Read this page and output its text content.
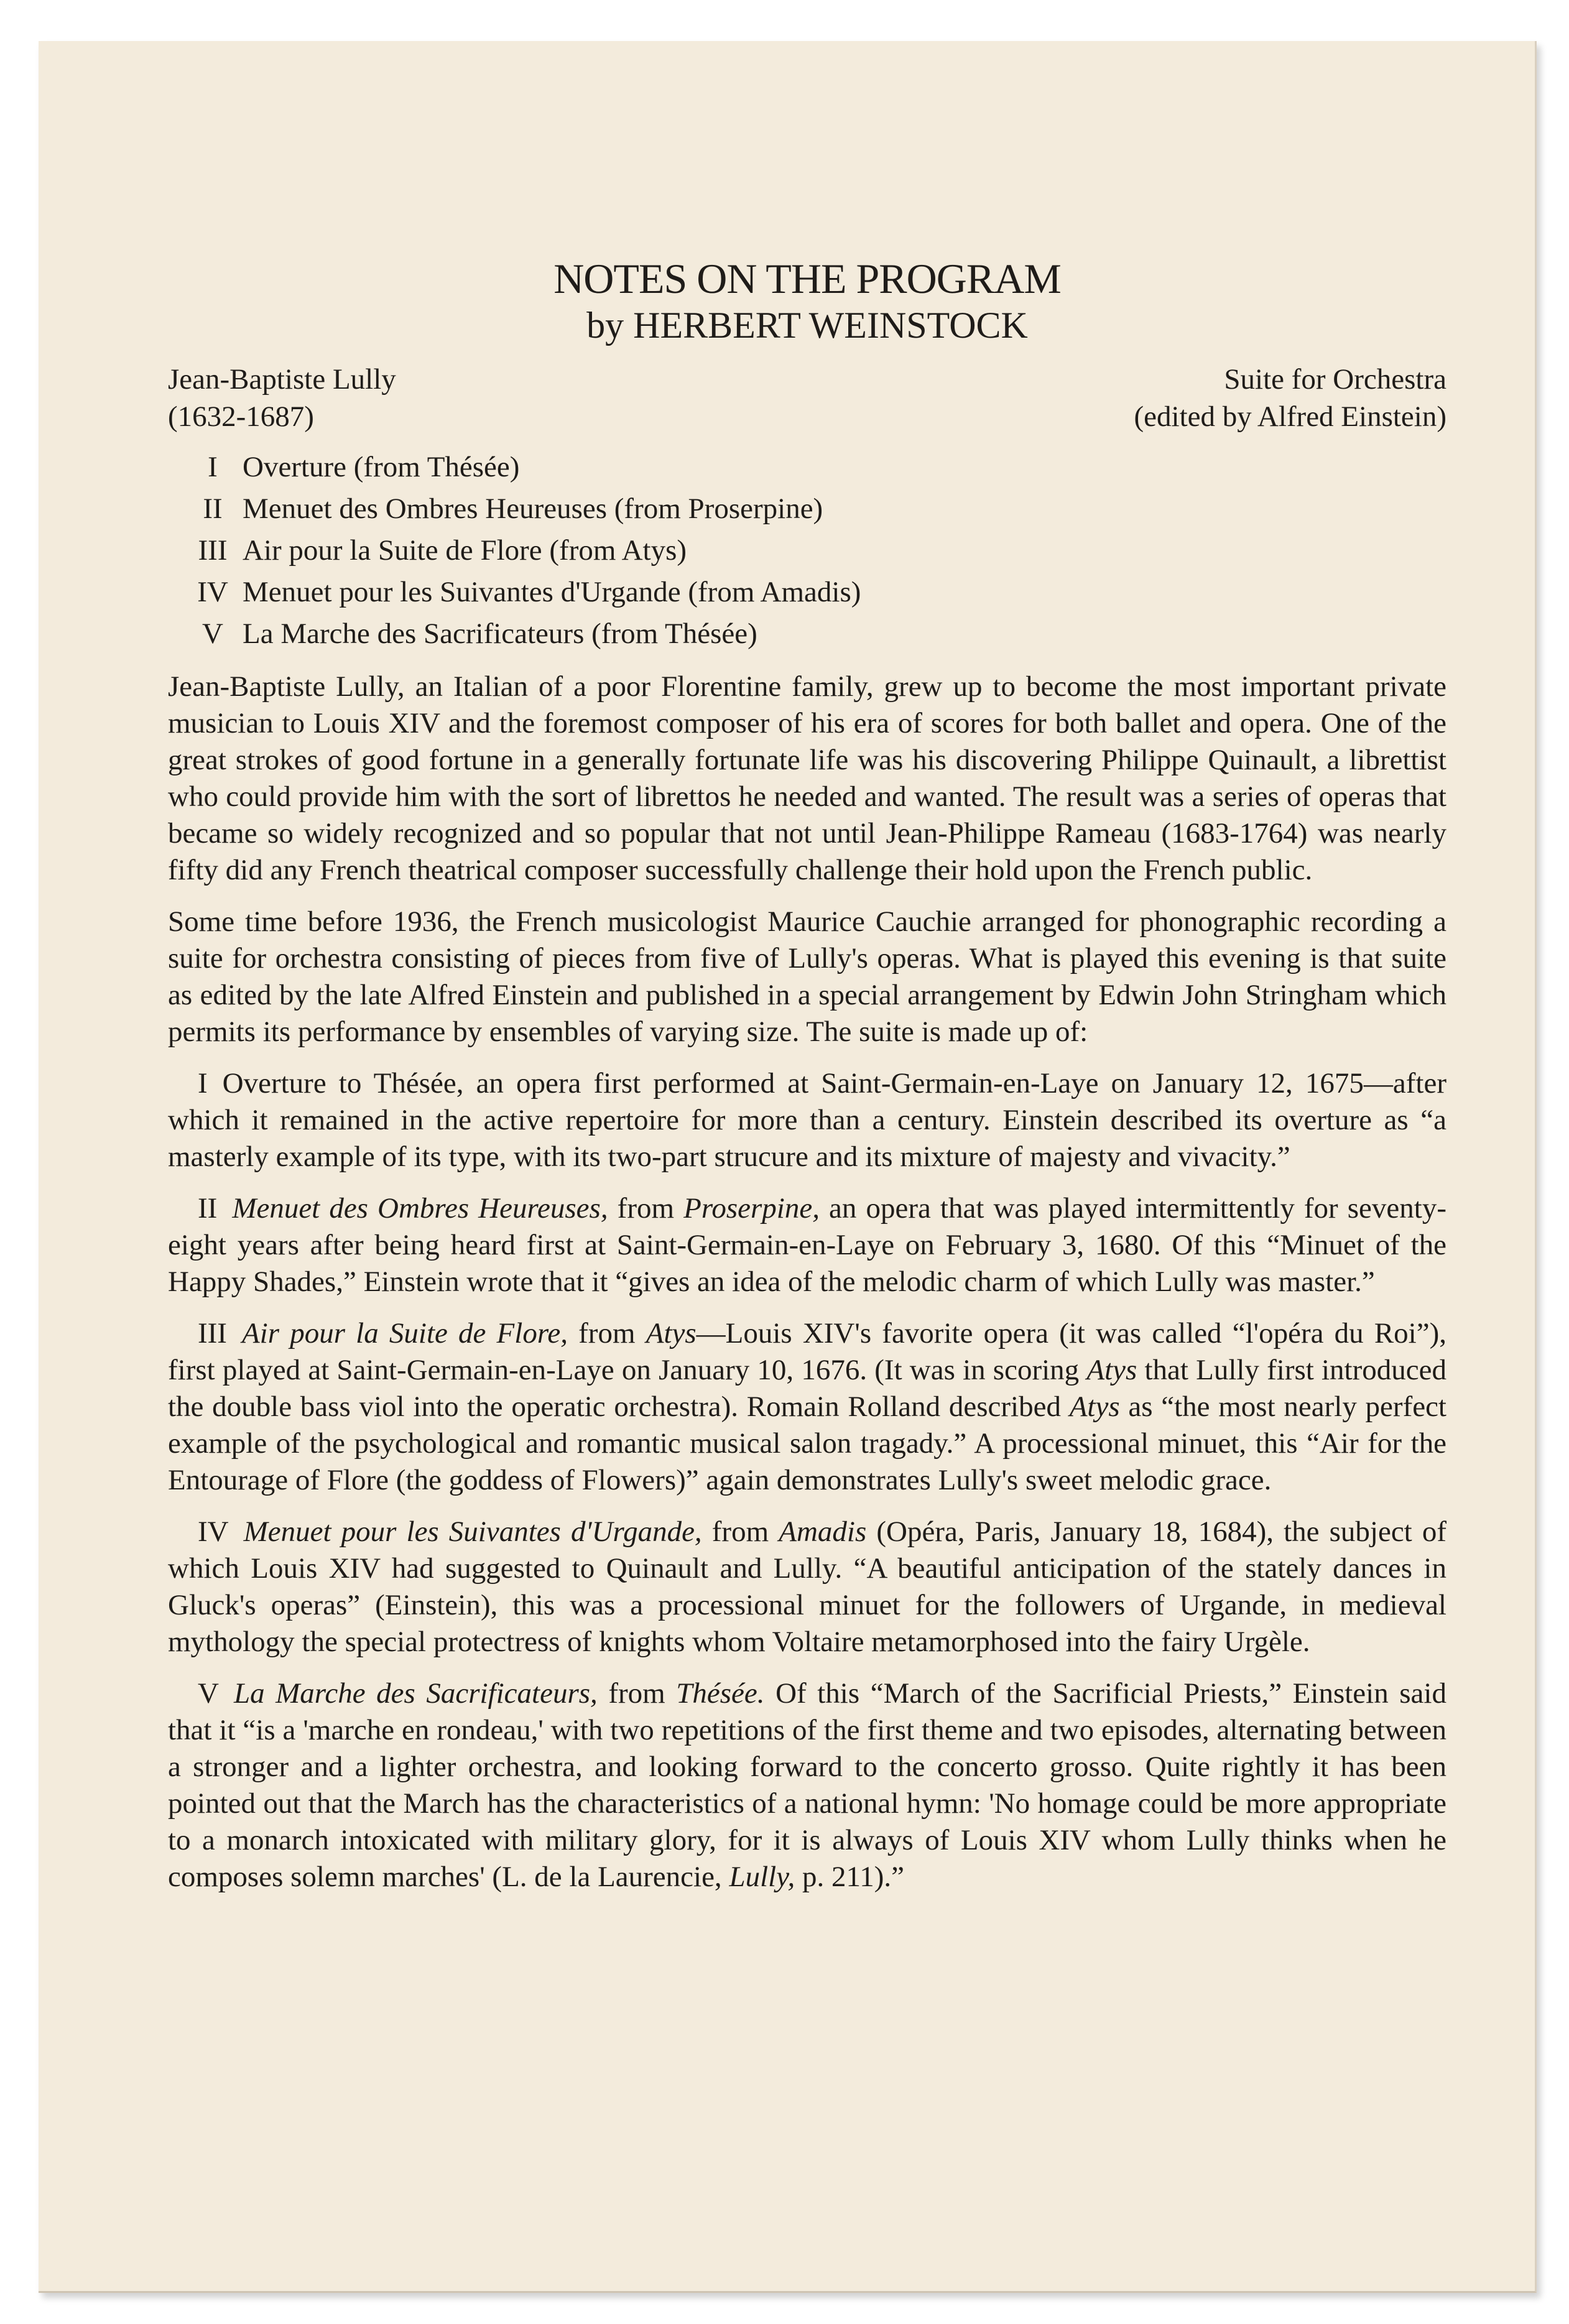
NOTES ON THE PROGRAM
by HERBERT WEINSTOCK
Jean-Baptiste Lully
(1632-1687)
Suite for Orchestra
(edited by Alfred Einstein)
I Overture (from Thésée)
II Menuet des Ombres Heureuses (from Proserpine)
III Air pour la Suite de Flore (from Atys)
IV Menuet pour les Suivantes d'Urgande (from Amadis)
V La Marche des Sacrificateurs (from Thésée)

Jean-Baptiste Lully, an Italian of a poor Florentine family, grew up to become the most important private musician to Louis XIV and the foremost composer of his era of scores for both ballet and opera. One of the great strokes of good fortune in a generally fortunate life was his discovering Philippe Quinault, a librettist who could provide him with the sort of librettos he needed and wanted. The result was a series of operas that became so widely recognized and so popular that not until Jean-Philippe Rameau (1683-1764) was nearly fifty did any French theatrical composer successfully challenge their hold upon the French public.

Some time before 1936, the French musicologist Maurice Cauchie arranged for phonographic recording a suite for orchestra consisting of pieces from five of Lully's operas. What is played this evening is that suite as edited by the late Alfred Einstein and published in a special arrangement by Edwin John Stringham which permits its performance by ensembles of varying size. The suite is made up of:

I Overture to Thésée, an opera first performed at Saint-Germain-en-Laye on January 12, 1675—after which it remained in the active repertoire for more than a century. Einstein described its overture as “a masterly example of its type, with its two-part strucure and its mixture of majesty and vivacity.”

II Menuet des Ombres Heureuses, from Proserpine, an opera that was played intermittently for seventy-eight years after being heard first at Saint-Germain-en-Laye on February 3, 1680. Of this “Minuet of the Happy Shades,” Einstein wrote that it “gives an idea of the melodic charm of which Lully was master.”

III Air pour la Suite de Flore, from Atys—Louis XIV's favorite opera (it was called “l'opéra du Roi”), first played at Saint-Germain-en-Laye on January 10, 1676. (It was in scoring Atys that Lully first introduced the double bass viol into the operatic orchestra). Romain Rolland described Atys as “the most nearly perfect example of the psychological and romantic musical salon tragady.” A processional minuet, this “Air for the Entourage of Flore (the goddess of Flowers)” again demonstrates Lully's sweet melodic grace.

IV Menuet pour les Suivantes d'Urgande, from Amadis (Opéra, Paris, January 18, 1684), the subject of which Louis XIV had suggested to Quinault and Lully. “A beautiful anticipation of the stately dances in Gluck's operas” (Einstein), this was a processional minuet for the followers of Urgande, in medieval mythology the special protectress of knights whom Voltaire metamorphosed into the fairy Urgèle.

V La Marche des Sacrificateurs, from Thésée. Of this “March of the Sacrificial Priests,” Einstein said that it “is a 'marche en rondeau,' with two repetitions of the first theme and two episodes, alternating between a stronger and a lighter orchestra, and looking forward to the concerto grosso. Quite rightly it has been pointed out that the March has the characteristics of a national hymn: 'No homage could be more appropriate to a monarch intoxicated with military glory, for it is always of Louis XIV whom Lully thinks when he composes solemn marches' (L. de la Laurencie, Lully, p. 211).”
